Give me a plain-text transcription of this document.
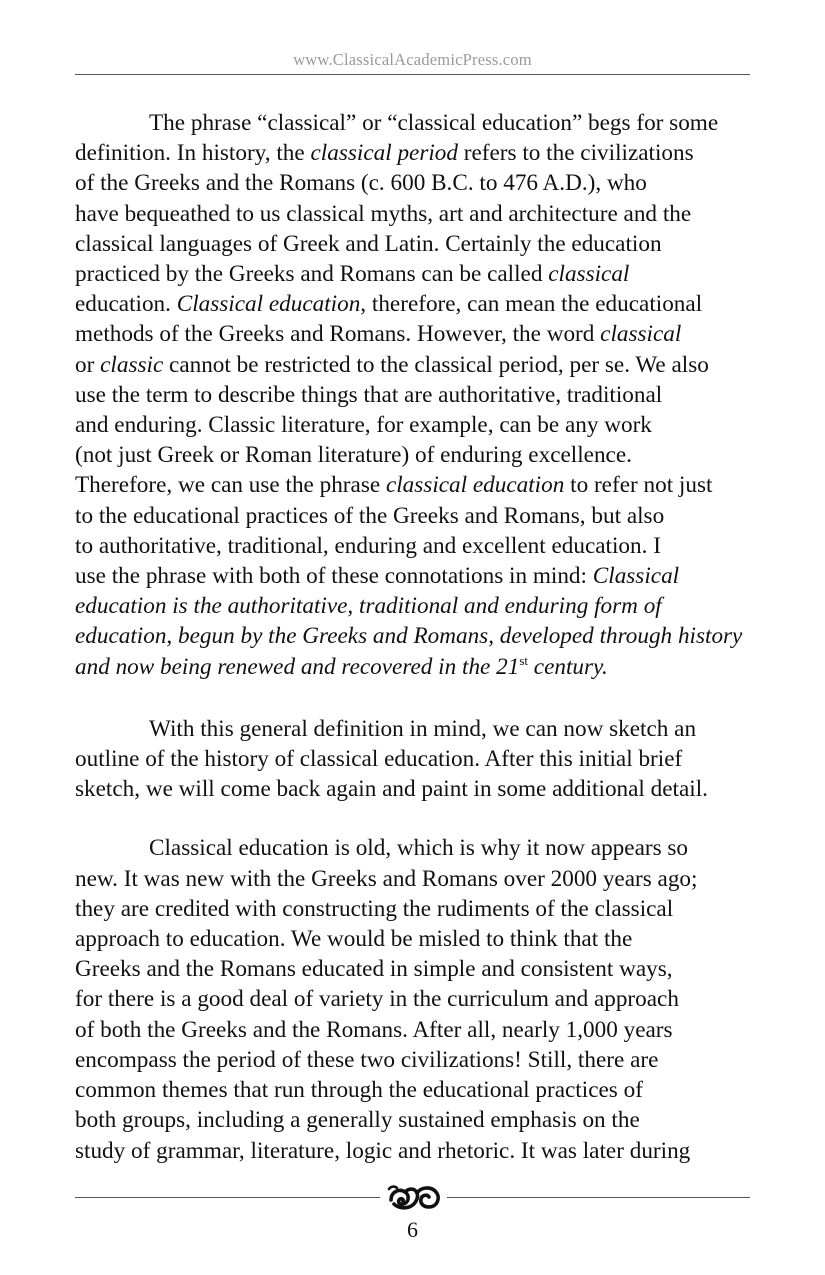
www.ClassicalAcademicPress.com

The phrase “classical” or “classical education” begs for some
definition. In history, the classical period refers to the civilizations
of the Greeks and the Romans (c. 600 B.C. to 476 A.D.), who
have bequeathed to us classical myths, art and architecture and the
classical languages of Greek and Latin. Certainly the education
practiced by the Greeks and Romans can be called classical
education. Classical education, therefore, can mean the educational
methods of the Greeks and Romans. However, the word classical
or classic cannot be restricted to the classical period, per se. We also
use the term to describe things that are authoritative, traditional
and enduring. Classic literature, for example, can be any work
(not just Greek or Roman literature) of enduring excellence.
Therefore, we can use the phrase classical education to refer not just
to the educational practices of the Greeks and Romans, but also
to authoritative, traditional, enduring and excellent education. I
use the phrase with both of these connotations in mind: Classical
education is the authoritative, traditional and enduring form of
education, begun by the Greeks and Romans, developed through history
and now being renewed and recovered in the 21st century.

With this general definition in mind, we can now sketch an
outline of the history of classical education. After this initial brief
sketch, we will come back again and paint in some additional detail.

Classical education is old, which is why it now appears so
new. It was new with the Greeks and Romans over 2000 years ago;
they are credited with constructing the rudiments of the classical
approach to education. We would be misled to think that the
Greeks and the Romans educated in simple and consistent ways,
for there is a good deal of variety in the curriculum and approach
of both the Greeks and the Romans. After all, nearly 1,000 years
encompass the period of these two civilizations! Still, there are
common themes that run through the educational practices of
both groups, including a generally sustained emphasis on the
study of grammar, literature, logic and rhetoric. It was later during

6
